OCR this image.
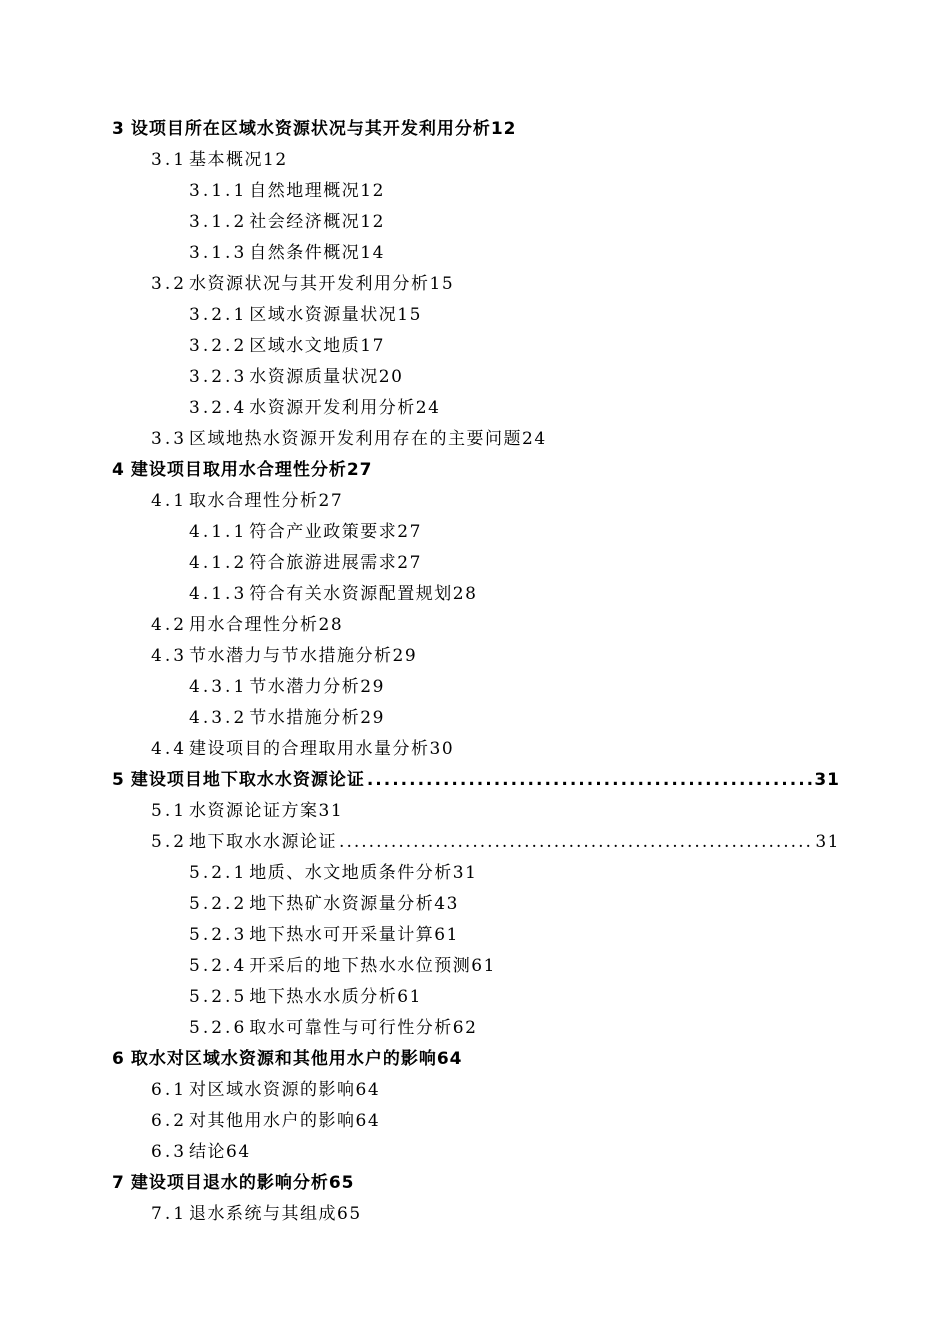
3 设项目所在区域水资源状况与其开发利用分析 12
3.1 基本概况 12
3.1.1 自然地理概况 12
3.1.2 社会经济概况 12
3.1.3 自然条件概况 14
3.2 水资源状况与其开发利用分析 15
3.2.1 区域水资源量状况 15
3.2.2 区域水文地质 17
3.2.3 水资源质量状况 20
3.2.4 水资源开发利用分析 24
3.3 区域地热水资源开发利用存在的主要问题 24
4 建设项目取用水合理性分析 27
4.1 取水合理性分析 27
4.1.1 符合产业政策要求 27
4.1.2 符合旅游进展需求 27
4.1.3 符合有关水资源配置规划 28
4.2 用水合理性分析 28
4.3 节水潜力与节水措施分析 29
4.3.1 节水潜力分析 29
4.3.2 节水措施分析 29
4.4 建设项目的合理取用水量分析 30
5 建设项目地下取水水资源论证 .....	31
5.1 水资源论证方案 31
5.2 地下取水水源论证 .....	31
5.2.1 地质、水文地质条件分析 31
5.2.2 地下热矿水资源量分析 43
5.2.3 地下热水可开采量计算 61
5.2.4 开采后的地下热水水位预测 61
5.2.5 地下热水水质分析 61
5.2.6 取水可靠性与可行性分析 62
6 取水对区域水资源和其他用水户的影响 64
6.1 对区域水资源的影响 64
6.2 对其他用水户的影响 64
6.3 结论 64
7 建设项目退水的影响分析 65
7.1 退水系统与其组成 65
